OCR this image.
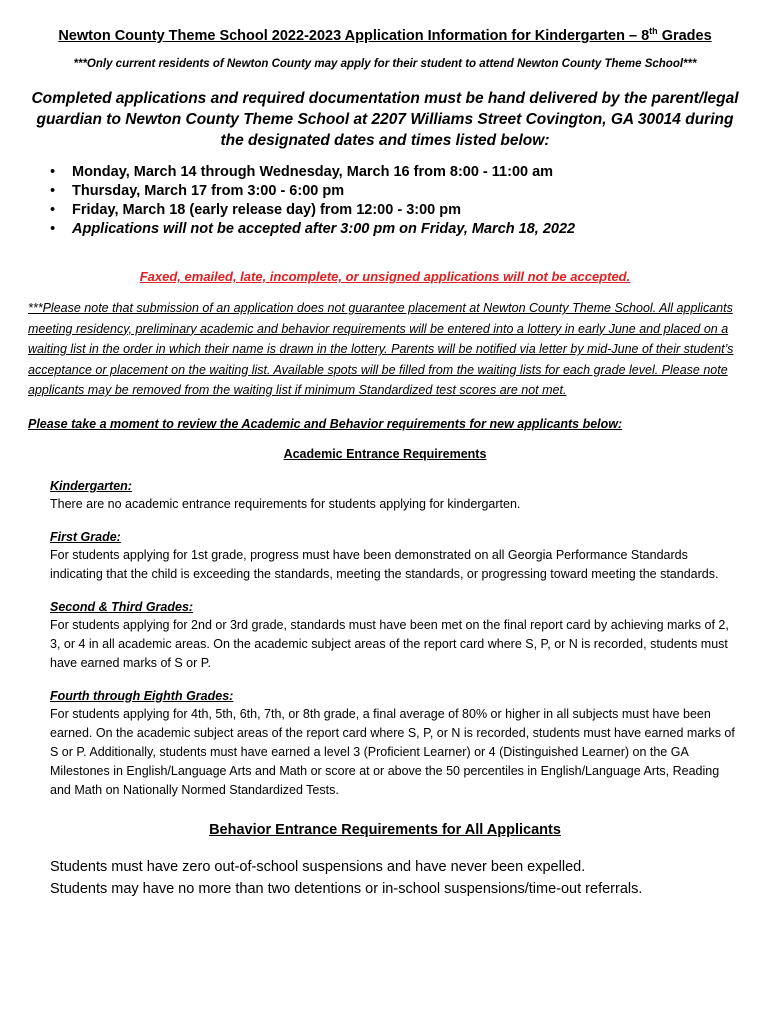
Newton County Theme School 2022-2023 Application Information for Kindergarten – 8th Grades

***Only current residents of Newton County may apply for their student to attend Newton County Theme School***

Completed applications and required documentation must be hand delivered by the parent/legal guardian to Newton County Theme School at 2207 Williams Street Covington, GA 30014 during the designated dates and times listed below:

• Monday, March 14 through Wednesday, March 16 from 8:00 - 11:00 am
• Thursday, March 17 from 3:00 - 6:00 pm
• Friday, March 18 (early release day) from 12:00 - 3:00 pm
• Applications will not be accepted after 3:00 pm on Friday, March 18, 2022

Faxed, emailed, late, incomplete, or unsigned applications will not be accepted.

***Please note that submission of an application does not guarantee placement at Newton County Theme School. All applicants meeting residency, preliminary academic and behavior requirements will be entered into a lottery in early June and placed on a waiting list in the order in which their name is drawn in the lottery. Parents will be notified via letter by mid-June of their student’s acceptance or placement on the waiting list. Available spots will be filled from the waiting lists for each grade level. Please note applicants may be removed from the waiting list if minimum Standardized test scores are not met.

Please take a moment to review the Academic and Behavior requirements for new applicants below:

Academic Entrance Requirements

Kindergarten:

There are no academic entrance requirements for students applying for kindergarten.

First Grade:

For students applying for 1st grade, progress must have been demonstrated on all Georgia Performance Standards indicating that the child is exceeding the standards, meeting the standards, or progressing toward meeting the standards.

Second & Third Grades:

For students applying for 2nd or 3rd grade, standards must have been met on the final report card by achieving marks of 2, 3, or 4 in all academic areas. On the academic subject areas of the report card where S, P, or N is recorded, students must have earned marks of S or P.

Fourth through Eighth Grades:

For students applying for 4th, 5th, 6th, 7th, or 8th grade, a final average of 80% or higher in all subjects must have been earned. On the academic subject areas of the report card where S, P, or N is recorded, students must have earned marks of S or P. Additionally, students must have earned a level 3 (Proficient Learner) or 4 (Distinguished Learner) on the GA Milestones in English/Language Arts and Math or score at or above the 50 percentiles in English/Language Arts, Reading and Math on Nationally Normed Standardized Tests.

Behavior Entrance Requirements for All Applicants

Students must have zero out-of-school suspensions and have never been expelled.

Students may have no more than two detentions or in-school suspensions/time-out referrals.
